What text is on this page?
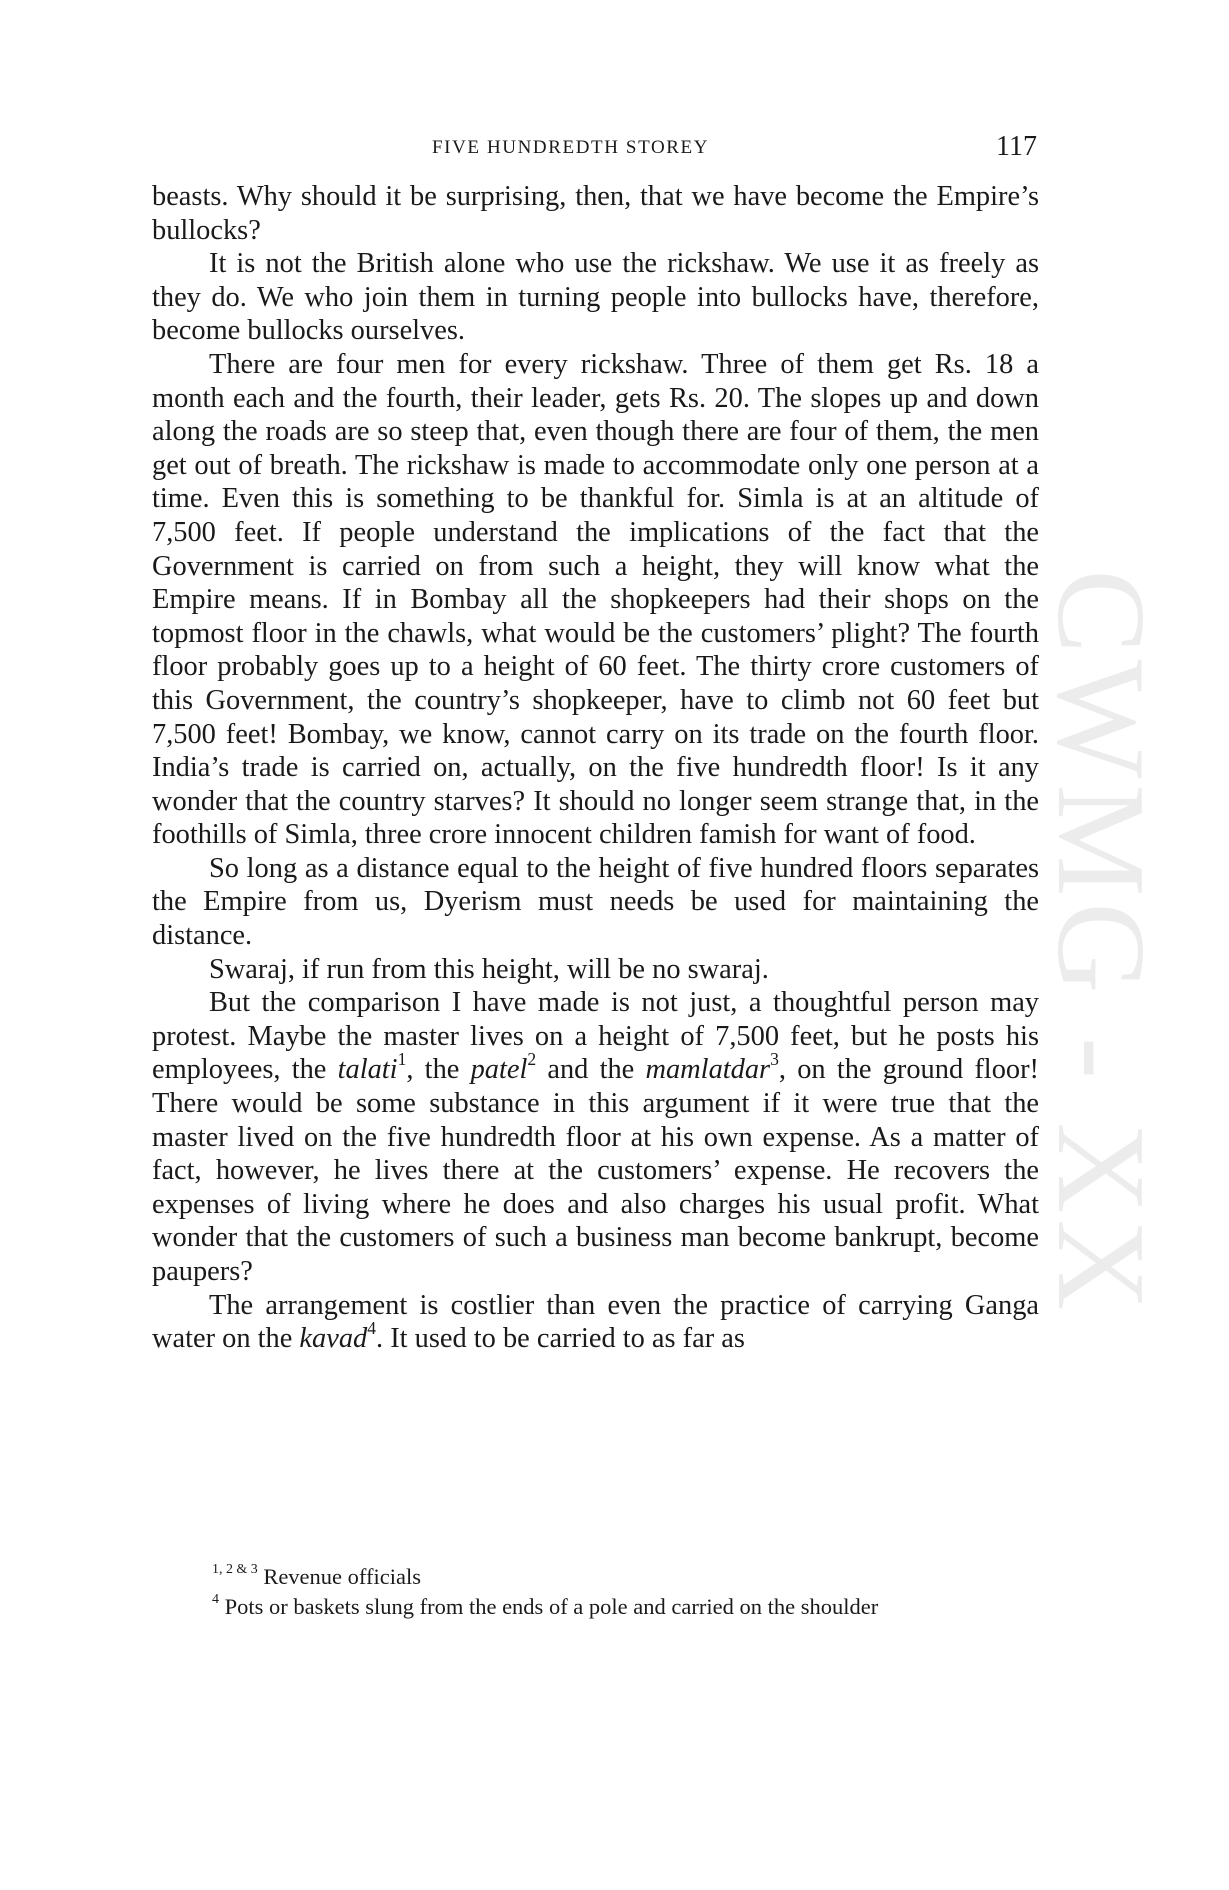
CWMG - XX
FIVE HUNDREDTH STOREY	117

beasts. Why should it be surprising, then, that we have become the Empire’s bullocks?

It is not the British alone who use the rickshaw. We use it as freely as they do. We who join them in turning people into bullocks have, therefore, become bullocks ourselves.

There are four men for every rickshaw. Three of them get Rs. 18 a month each and the fourth, their leader, gets Rs. 20. The slopes up and down along the roads are so steep that, even though there are four of them, the men get out of breath. The rickshaw is made to accommodate only one person at a time. Even this is something to be thankful for. Simla is at an altitude of 7,500 feet. If people understand the implications of the fact that the Government is carried on from such a height, they will know what the Empire means. If in Bombay all the shopkeepers had their shops on the topmost floor in the chawls, what would be the customers’ plight? The fourth floor probably goes up to a height of 60 feet. The thirty crore customers of this Government, the country’s shopkeeper, have to climb not 60 feet but 7,500 feet! Bombay, we know, cannot carry on its trade on the fourth floor. India’s trade is carried on, actually, on the five hundredth floor! Is it any wonder that the country starves? It should no longer seem strange that, in the foothills of Simla, three crore innocent children famish for want of food.

So long as a distance equal to the height of five hundred floors separates the Empire from us, Dyerism must needs be used for maintaining the distance.

Swaraj, if run from this height, will be no swaraj.

But the comparison I have made is not just, a thoughtful person may protest. Maybe the master lives on a height of 7,500 feet, but he posts his employees, the talati$^1$, the patel$^2$ and the mamlatdar$^3$, on the ground floor! There would be some substance in this argument if it were true that the master lived on the five hundredth floor at his own expense. As a matter of fact, however, he lives there at the customers’ expense. He recovers the expenses of living where he does and also charges his usual profit. What wonder that the customers of such a business man become bankrupt, become paupers?

The arrangement is costlier than even the practice of carrying Ganga water on the kavad$^4$. It used to be carried to as far as

$^{1, 2 \& 3}$ Revenue officials
$^4$ Pots or baskets slung from the ends of a pole and carried on the shoulder
